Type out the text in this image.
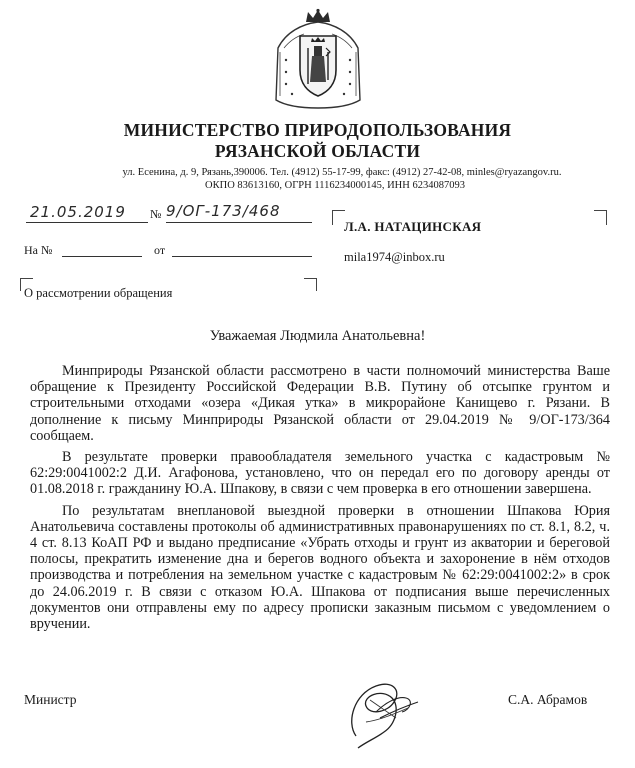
МИНИСТЕРСТВО ПРИРОДОПОЛЬЗОВАНИЯ
РЯЗАНСКОЙ ОБЛАСТИ
ул. Есенина, д. 9, Рязань,390006. Тел. (4912) 55-17-99, факс: (4912) 27-42-08, minles@ryazangov.ru.
ОКПО 83613160, ОГРН 1116234000145, ИНН 6234087093
21.05.2019 № 9/ОГ-173/468
На №	от
Л.А. НАТАЦИНСКАЯ
mila1974@inbox.ru
О рассмотрении обращения
Уважаемая Людмила Анатольевна!

Минприроды Рязанской области рассмотрено в части полномочий министерства Ваше обращение к Президенту Российской Федерации В.В. Путину об отсыпке грунтом и строительными отходами «озера «Дикая утка» в микрорайоне Канищево г. Рязани. В дополнение к письму Минприроды Рязанской области от 29.04.2019 № 9/ОГ-173/364 сообщаем.

В результате проверки правообладателя земельного участка с кадастровым № 62:29:0041002:2 Д.И. Агафонова, установлено, что он передал его по договору аренды от 01.08.2018 г. гражданину Ю.А. Шпакову, в связи с чем проверка в его отношении завершена.

По результатам внеплановой выездной проверки в отношении Шпакова Юрия Анатольевича составлены протоколы об административных правонарушениях по ст. 8.1, 8.2, ч. 4 ст. 8.13 КоАП РФ и выдано предписание «Убрать отходы и грунт из акватории и береговой полосы, прекратить изменение дна и берегов водного объекта и захоронение в нём отходов производства и потребления на земельном участке с кадастровым № 62:29:0041002:2» в срок до 24.06.2019 г. В связи с отказом Ю.А. Шпакова от подписания выше перечисленных документов они отправлены ему по адресу прописки заказным письмом с уведомлением о вручении.

Министр	С.А. Абрамов
